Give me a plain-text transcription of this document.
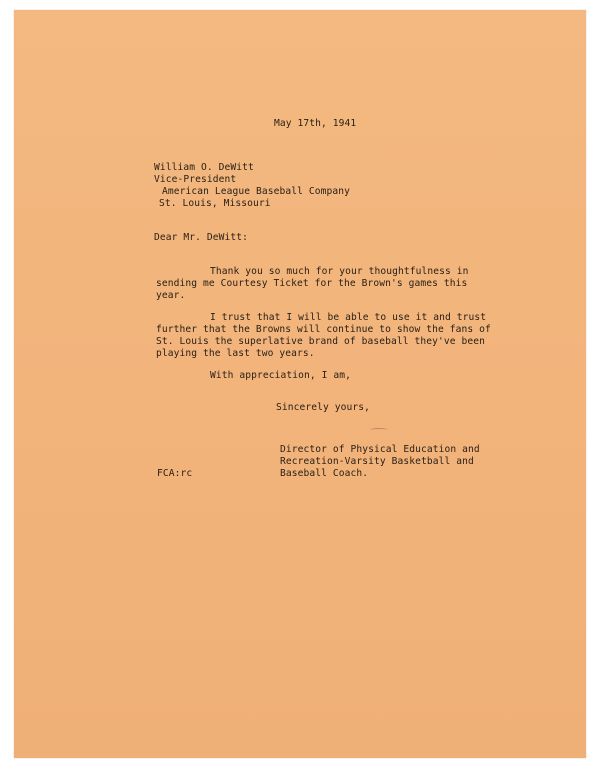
May 17th, 1941
William O. DeWitt
Vice-President
American League Baseball Company
St. Louis, Missouri
Dear Mr. DeWitt:
Thank you so much for your thoughtfulness in
sending me Courtesy Ticket for the Brown's games this
year.
I trust that I will be able to use it and trust
further that the Browns will continue to show the fans of
St. Louis the superlative brand of baseball they've been
playing the last two years.
With appreciation, I am,
Sincerely yours,
Director of Physical Education and
Recreation-Varsity Basketball and
Baseball Coach.
FCA:rc
